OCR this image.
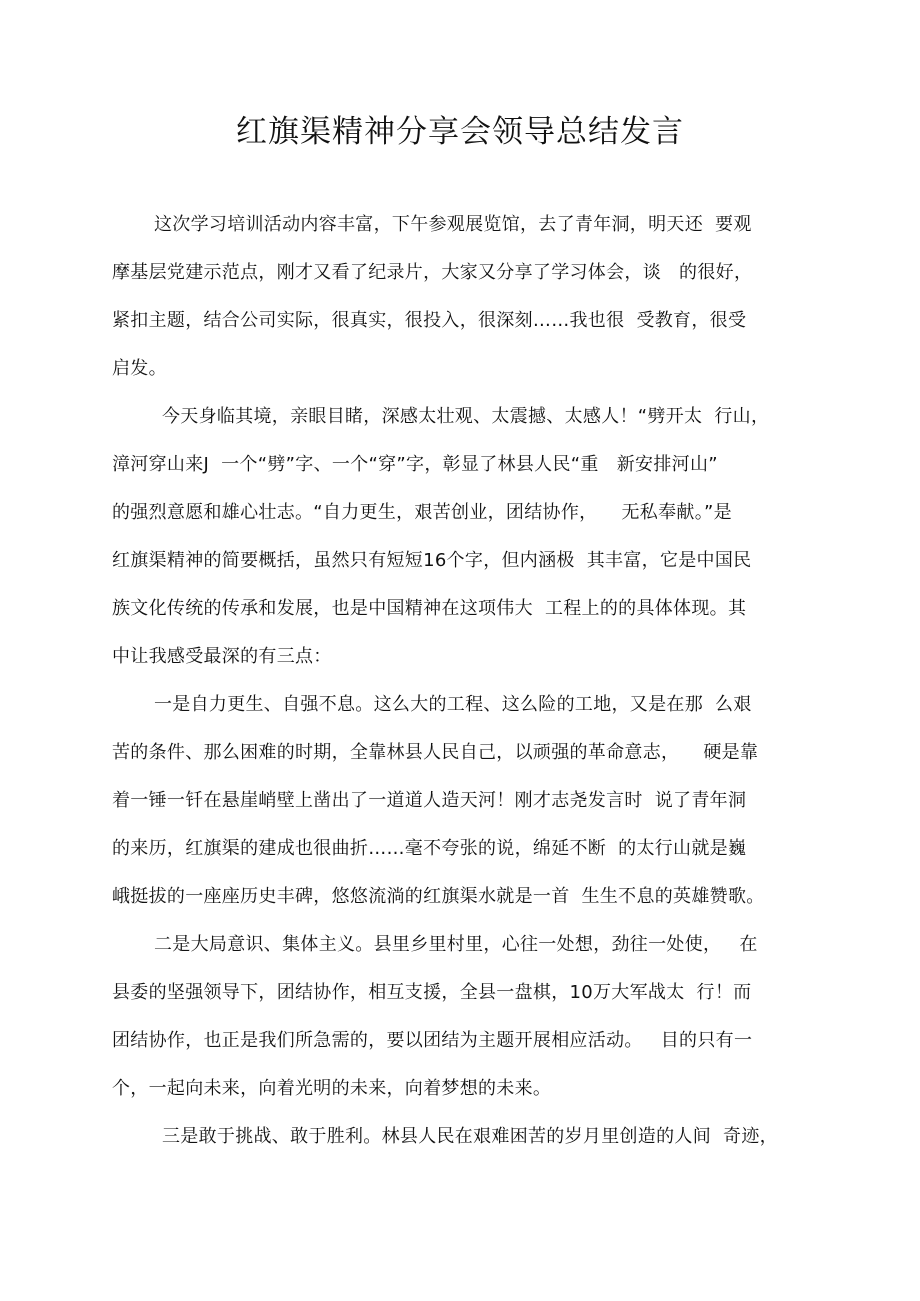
红旗渠精神分享会领导总结发言
这次学习培训活动内容丰富，下午参观展览馆，去了青年洞，明天还  要观
摩基层党建示范点，刚才又看了纪录片，大家又分享了学习体会，谈   的很好，
紧扣主题，结合公司实际，很真实，很投入，很深刻……我也很  受教育，很受
启发。
今天身临其境，亲眼目睹，深感太壮观、太震撼、太感人！“劈开太  行山，
漳河穿山来J  一个“劈”字、一个“穿”字，彰显了林县人民“重   新安排河山”
的强烈意愿和雄心壮志。“自力更生，艰苦创业，团结协作，    无私奉献。”是
红旗渠精神的简要概括，虽然只有短短16个字，但内涵极  其丰富，它是中国民
族文化传统的传承和发展，也是中国精神在这项伟大  工程上的的具体体现。其
中让我感受最深的有三点：
一是自力更生、自强不息。这么大的工程、这么险的工地，又是在那  么艰
苦的条件、那么困难的时期，全靠林县人民自己，以顽强的革命意志，    硬是靠
着一锤一钎在悬崖峭壁上凿出了一道道人造天河！刚才志尧发言时  说了青年洞
的来历，红旗渠的建成也很曲折……毫不夸张的说，绵延不断  的太行山就是巍
峨挺拔的一座座历史丰碑，悠悠流淌的红旗渠水就是一首  生生不息的英雄赞歌。
二是大局意识、集体主义。县里乡里村里，心往一处想，劲往一处使，   在
县委的坚强领导下，团结协作，相互支援，全县一盘棋，10万大军战太  行！而
团结协作，也正是我们所急需的，要以团结为主题开展相应活动。   目的只有一
个，一起向未来，向着光明的未来，向着梦想的未来。
三是敢于挑战、敢于胜利。林县人民在艰难困苦的岁月里创造的人间  奇迹，
